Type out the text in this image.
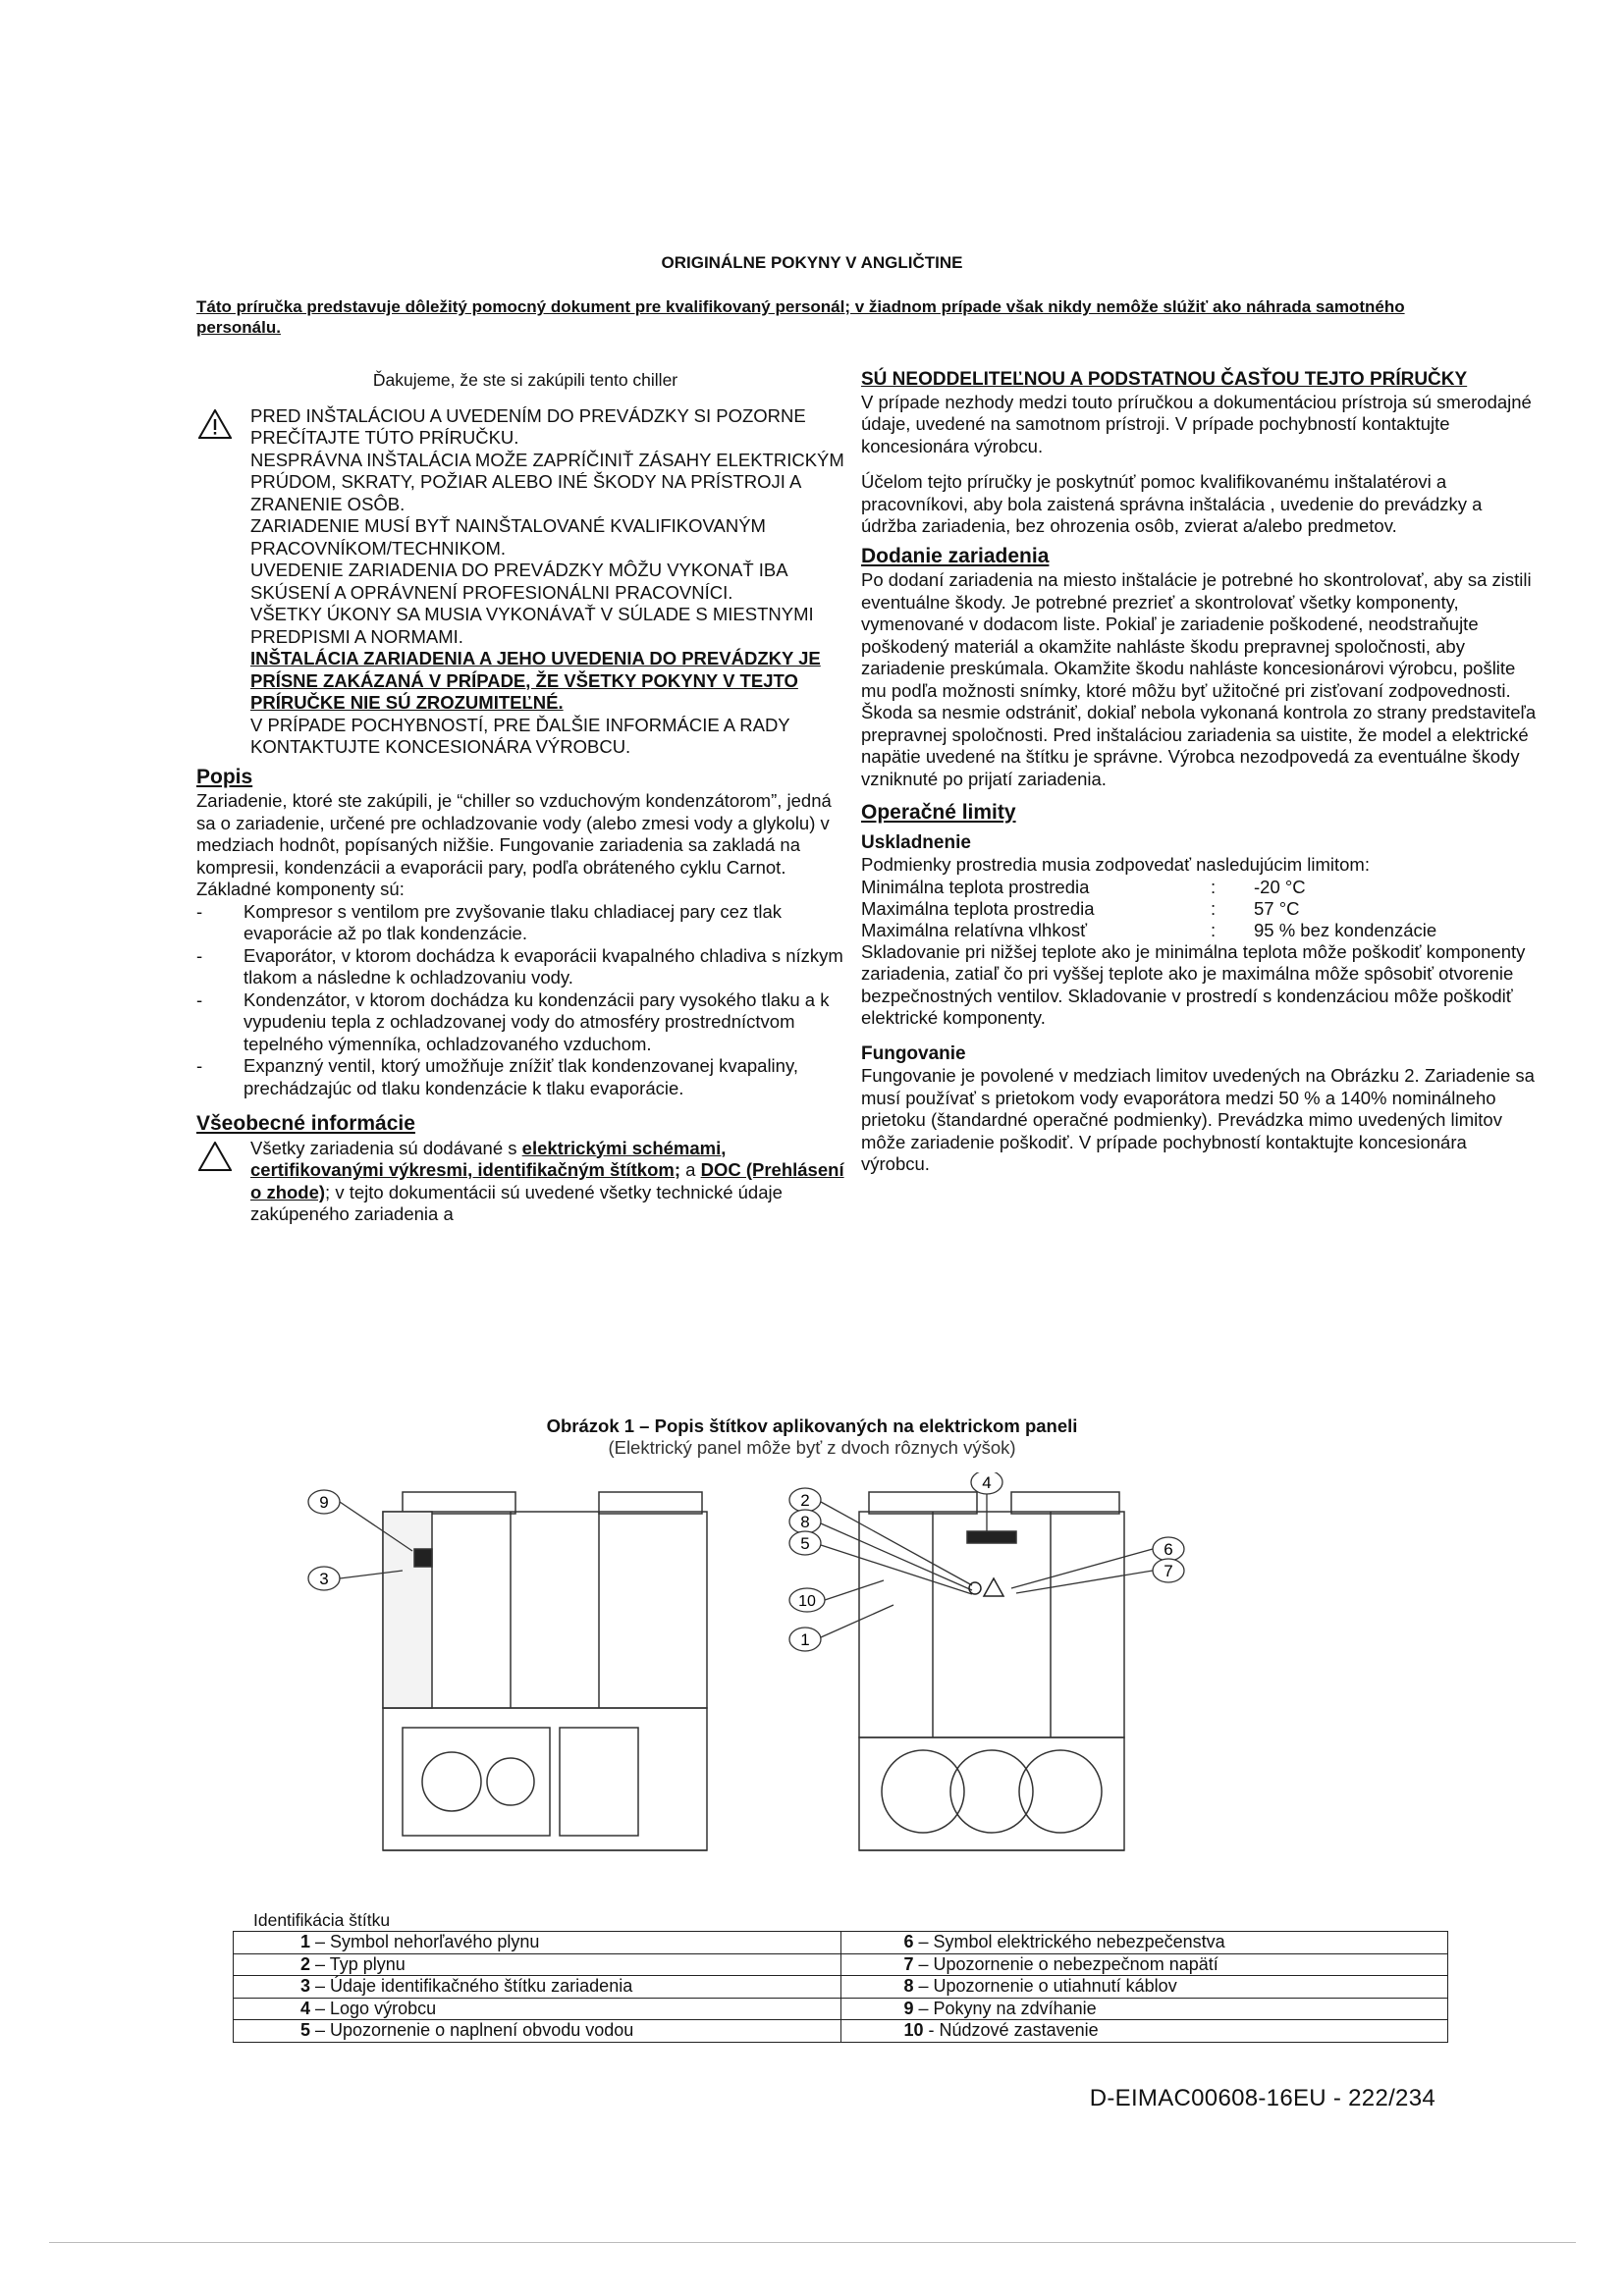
ORIGINÁLNE POKYNY V ANGLIČTINE
Táto príručka predstavuje dôležitý pomocný dokument pre kvalifikovaný personál; v žiadnom prípade však nikdy nemôže slúžiť ako náhrada samotného personálu.
Ďakujeme, že ste si zakúpili tento chiller
PRED INŠTALÁCIOU A UVEDENÍM DO PREVÁDZKY SI POZORNE PREČÍTAJTE TÚTO PRÍRUČKU.
NESPRÁVNA INŠTALÁCIA MOŽE ZAPRÍČINIŤ ZÁSAHY ELEKTRICKÝM PRÚDOM, SKRATY, POŽIAR ALEBO INÉ ŠKODY NA PRÍSTROJI A ZRANENIE OSÔB.
ZARIADENIE MUSÍ BYŤ NAINŠTALOVANÉ KVALIFIKOVANÝM PRACOVNÍKOM/TECHNIKOM.
UVEDENIE ZARIADENIA DO PREVÁDZKY MÔŽU VYKONAŤ IBA SKÚSENÍ A OPRÁVNENÍ PROFESIONÁLNI PRACOVNÍCI.
VŠETKY ÚKONY SA MUSIA VYKONÁVAŤ V SÚLADE S MIESTNYMI PREDPISMI A NORMAMI.
INŠTALÁCIA ZARIADENIA A JEHO UVEDENIA DO PREVÁDZKY JE PRÍSNE ZAKÁZANÁ V PRÍPADE, ŽE VŠETKY POKYNY V TEJTO PRÍRUČKE NIE SÚ ZROZUMITEĽNÉ.
V PRÍPADE POCHYBNOSTÍ, PRE ĎALŠIE INFORMÁCIE A RADY KONTAKTUJTE KONCESIONÁRA VÝROBCU.
Popis
Zariadenie, ktoré ste zakúpili, je “chiller so vzduchovým kondenzátorom”, jedná sa o zariadenie, určené pre ochladzovanie vody (alebo zmesi vody a glykolu) v medziach hodnôt, popísaných nižšie. Fungovanie zariadenia sa zakladá na kompresii, kondenzácii a evaporácii pary, podľa obráteného cyklu Carnot. Základné komponenty sú:
- Kompresor s ventilom pre zvyšovanie tlaku chladiacej pary cez tlak evaporácie až po tlak kondenzácie.
- Evaporátor, v ktorom dochádza k evaporácii kvapalného chladiva s nízkym tlakom a následne k ochladzovaniu vody.
- Kondenzátor, v ktorom dochádza ku kondenzácii pary vysokého tlaku a k vypudeniu tepla z ochladzovanej vody do atmosféry prostredníctvom tepelného výmenníka, ochladzovaného vzduchom.
- Expanzný ventil, ktorý umožňuje znížiť tlak kondenzovanej kvapaliny, prechádzajúc od tlaku kondenzácie k tlaku evaporácie.
Všeobecné informácie
Všetky zariadenia sú dodávané s elektrickými schémami, certifikovanými výkresmi, identifikačným štítkom; a DOC (Prehlásení o zhode); v tejto dokumentácii sú uvedené všetky technické údaje zakúpeného zariadenia a
SÚ NEODDELITEĽNOU A PODSTATNOU ČASŤOU TEJTO PRÍRUČKY

V prípade nezhody medzi touto príručkou a dokumentáciou prístroja sú smerodajné údaje, uvedené na samotnom prístroji. V prípade pochybností kontaktujte koncesionára výrobcu.

Účelom tejto príručky je poskytnúť pomoc kvalifikovanému inštalatérovi a pracovníkovi, aby bola zaistená správna inštalácia , uvedenie do prevádzky a údržba zariadenia, bez ohrozenia osôb, zvierat a/alebo predmetov.

Dodanie zariadenia

Po dodaní zariadenia na miesto inštalácie je potrebné ho skontrolovať, aby sa zistili eventuálne škody. Je potrebné prezrieť a skontrolovať všetky komponenty, vymenované v dodacom liste. Pokiaľ je zariadenie poškodené, neodstraňujte poškodený materiál a okamžite nahláste škodu prepravnej spoločnosti, aby zariadenie preskúmala. Okamžite škodu nahláste koncesionárovi výrobcu, pošlite mu podľa možnosti snímky, ktoré môžu byť užitočné pri zisťovaní zodpovednosti. Škoda sa nesmie odstrániť, dokiaľ nebola vykonaná kontrola zo strany predstaviteľa prepravnej spoločnosti. Pred inštaláciou zariadenia sa uistite, že model a elektrické napätie uvedené na štítku je správne. Výrobca nezodpovedá za eventuálne škody vzniknuté po prijatí zariadenia.

Operačné limity
Uskladnenie
Podmienky prostredia musia zodpovedať nasledujúcim limitom:
Minimálna teplota prostredia	:	-20 °C
Maximálna teplota prostredia	:	57 °C
Maximálna relatívna vlhkosť	:	95 % bez kondenzácie

Skladovanie pri nižšej teplote ako je minimálna teplota môže poškodiť komponenty zariadenia, zatiaľ čo pri vyššej teplote ako je maximálna môže spôsobiť otvorenie bezpečnostných ventilov. Skladovanie v prostredí s kondenzáciou môže poškodiť elektrické komponenty.

Fungovanie

Fungovanie je povolené v medziach limitov uvedených na Obrázku 2. Zariadenie sa musí používať s prietokom vody evaporátora medzi 50 % a 140% nominálneho prietoku (štandardné operačné podmienky). Prevádzka mimo uvedených limitov môže zariadenie poškodiť. V prípade pochybností kontaktujte koncesionára výrobcu.

Obrázok 1 – Popis štítkov aplikovaných na elektrickom paneli
(Elektrický panel môže byť z dvoch rôznych výšok)
9
3
2
8
5
10
1
4
6
7
Identifikácia štítku
1 – Symbol nehorľavého plynu	6 – Symbol elektrického nebezpečenstva
2 – Typ plynu	7 – Upozornenie o nebezpečnom napätí
3 – Údaje identifikačného štítku zariadenia	8 – Upozornenie o utiahnutí káblov
4 – Logo výrobcu	9 – Pokyny na zdvíhanie
5 – Upozornenie o naplnení obvodu vodou	10 - Núdzové zastavenie
D-EIMAC00608-16EU - 222/234
